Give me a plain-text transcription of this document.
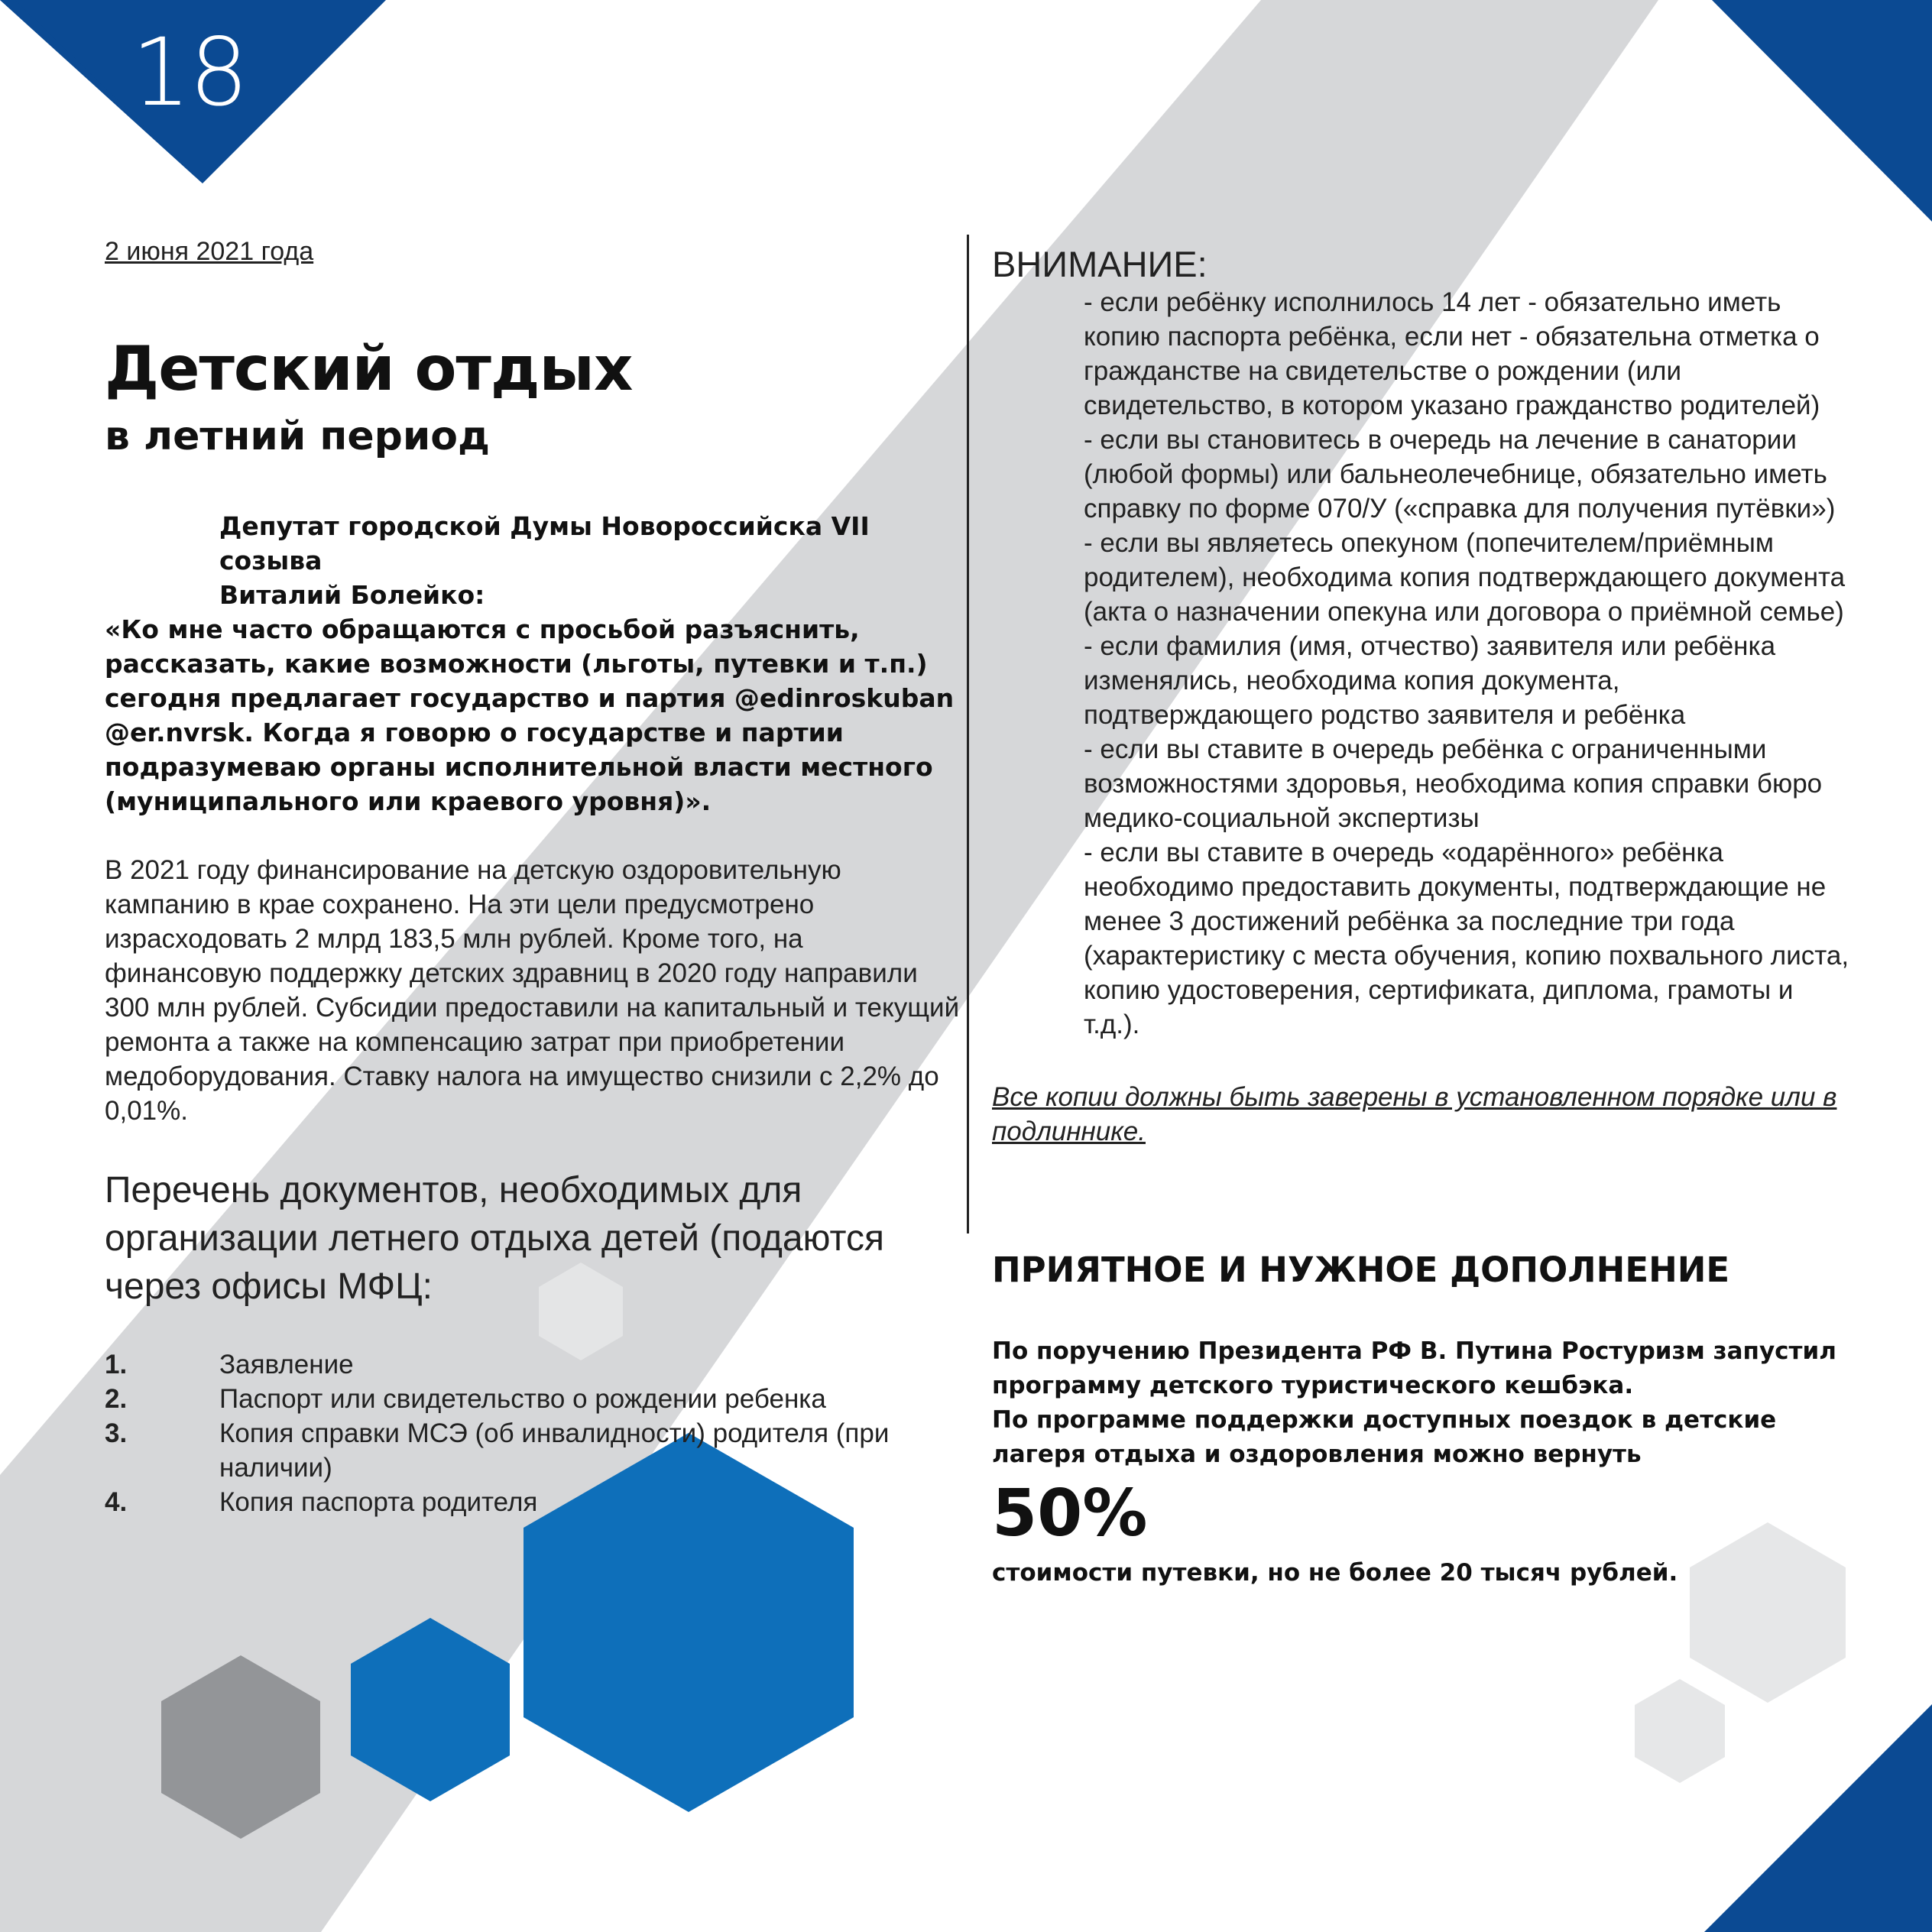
18

2 июня 2021 года

Детский отдых
в летний период
Депутат городской Думы Новороссийска VII созыва
Виталий Болейко:
«Ко мне часто обращаются с просьбой разъяснить, рассказать, какие возможности (льготы, путевки и т.п.) сегодня предлагает государство и партия @edinroskuban @er.nvrsk. Когда я говорю о государстве и партии подразумеваю органы исполнительной власти местного (муниципального или краевого уровня)».
В 2021 году финансирование на детскую оздоровительную кампанию в крае сохранено. На эти цели предусмотрено израсходовать 2 млрд 183,5 млн рублей. Кроме того, на финансовую поддержку детских здравниц в 2020 году направили 300 млн рублей. Субсидии предоставили на капитальный и текущий ремонта а также на компенсацию затрат при приобретении медоборудования. Ставку налога на имущество снизили с 2,2% до 0,01%.
Перечень документов, необходимых для организации летнего отдыха детей (подаются через офисы МФЦ:
1.	Заявление
2.	Паспорт или свидетельство о рождении ребенка
3.	Копия справки МСЭ (об инвалидности) родителя (при наличии)
4.	Копия паспорта родителя
ВНИМАНИЕ:
- если ребёнку исполнилось 14 лет - обязательно иметь копию паспорта ребёнка, если нет - обязательна отметка о гражданстве на свидетельстве о рождении (или свидетельство, в котором указано гражданство родителей)
- если вы становитесь в очередь на лечение в санатории (любой формы) или бальнеолечебнице, обязательно иметь справку по форме 070/У («справка для получения путёвки»)
- если вы являетесь опекуном (попечителем/приёмным родителем), необходима копия подтверждающего документа (акта о назначении опекуна или договора о приёмной семье)
- если фамилия (имя, отчество) заявителя или ребёнка изменялись, необходима копия документа, подтверждающего родство заявителя и ребёнка
- если вы ставите в очередь ребёнка с ограниченными возможностями здоровья, необходима копия справки бюро медико-социальной экспертизы
- если вы ставите в очередь «одарённого» ребёнка необходимо предоставить документы, подтверждающие не менее 3 достижений ребёнка за последние три года (характеристику с места обучения, копию похвального листа, копию удостоверения, сертификата, диплома, грамоты и т.д.).
Все копии должны быть заверены в установленном порядке или в подлиннике.
ПРИЯТНОЕ И НУЖНОЕ ДОПОЛНЕНИЕ

По поручению Президента РФ В. Путина Ростуризм запустил программу детского туристического кешбэка.

По программе поддержки доступных поездок в детские лагеря отдыха и оздоровления можно вернуть

50%
стоимости путевки, но не более 20 тысяч рублей.
